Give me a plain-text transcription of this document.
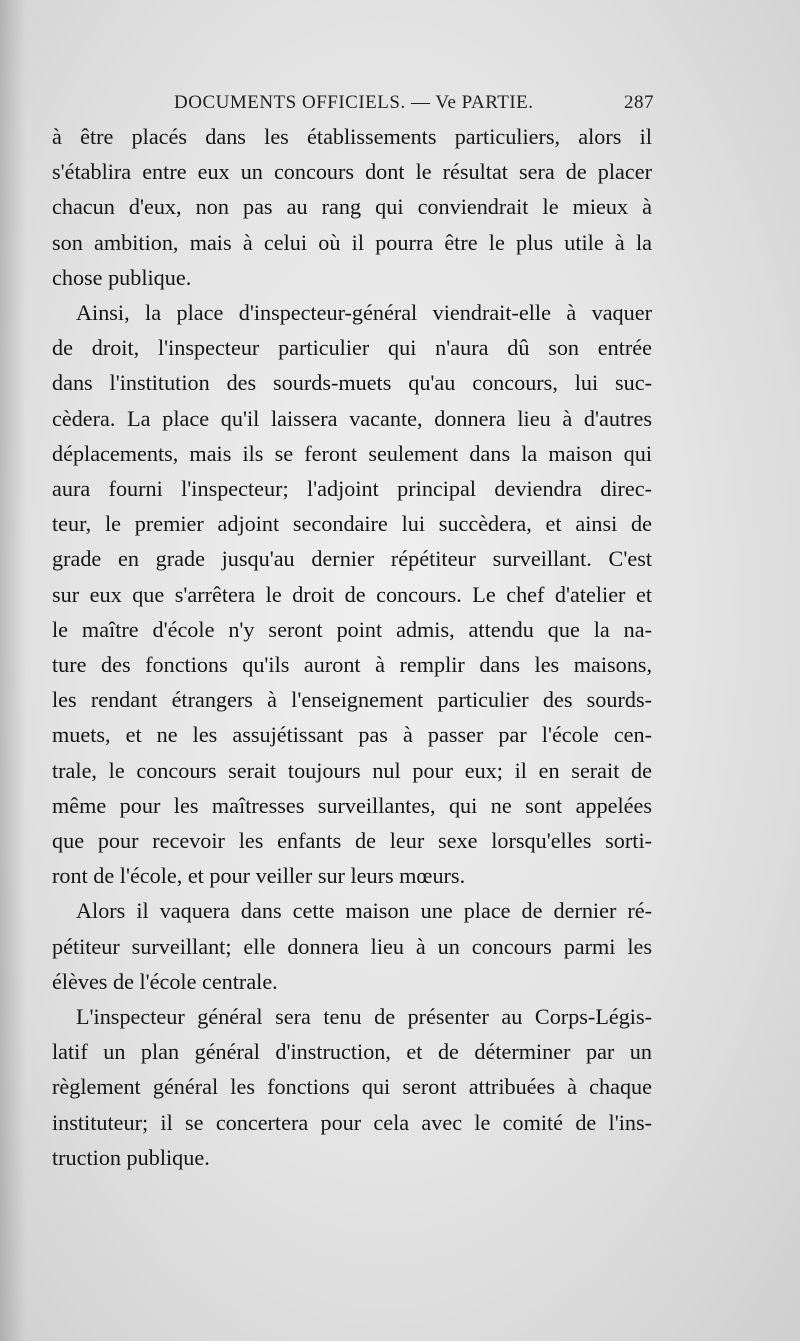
DOCUMENTS OFFICIELS. — Ve PARTIE.	287

à être placés dans les établissements particuliers, alors il
s'établira entre eux un concours dont le résultat sera de placer
chacun d'eux, non pas au rang qui conviendrait le mieux à
son ambition, mais à celui où il pourra être le plus utile à la
chose publique.

Ainsi, la place d'inspecteur-général viendrait-elle à vaquer
de droit, l'inspecteur particulier qui n'aura dû son entrée
dans l'institution des sourds-muets qu'au concours, lui suc-
cèdera. La place qu'il laissera vacante, donnera lieu à d'autres
déplacements, mais ils se feront seulement dans la maison qui
aura fourni l'inspecteur; l'adjoint principal deviendra direc-
teur, le premier adjoint secondaire lui succèdera, et ainsi de
grade en grade jusqu'au dernier répétiteur surveillant. C'est
sur eux que s'arrêtera le droit de concours. Le chef d'atelier et
le maître d'école n'y seront point admis, attendu que la na-
ture des fonctions qu'ils auront à remplir dans les maisons,
les rendant étrangers à l'enseignement particulier des sourds-
muets, et ne les assujétissant pas à passer par l'école cen-
trale, le concours serait toujours nul pour eux; il en serait de
même pour les maîtresses surveillantes, qui ne sont appelées
que pour recevoir les enfants de leur sexe lorsqu'elles sorti-
ront de l'école, et pour veiller sur leurs mœurs.

Alors il vaquera dans cette maison une place de dernier ré-
pétiteur surveillant; elle donnera lieu à un concours parmi les
élèves de l'école centrale.

L'inspecteur général sera tenu de présenter au Corps-Légis-
latif un plan général d'instruction, et de déterminer par un
règlement général les fonctions qui seront attribuées à chaque
instituteur; il se concertera pour cela avec le comité de l'ins-
truction publique.
